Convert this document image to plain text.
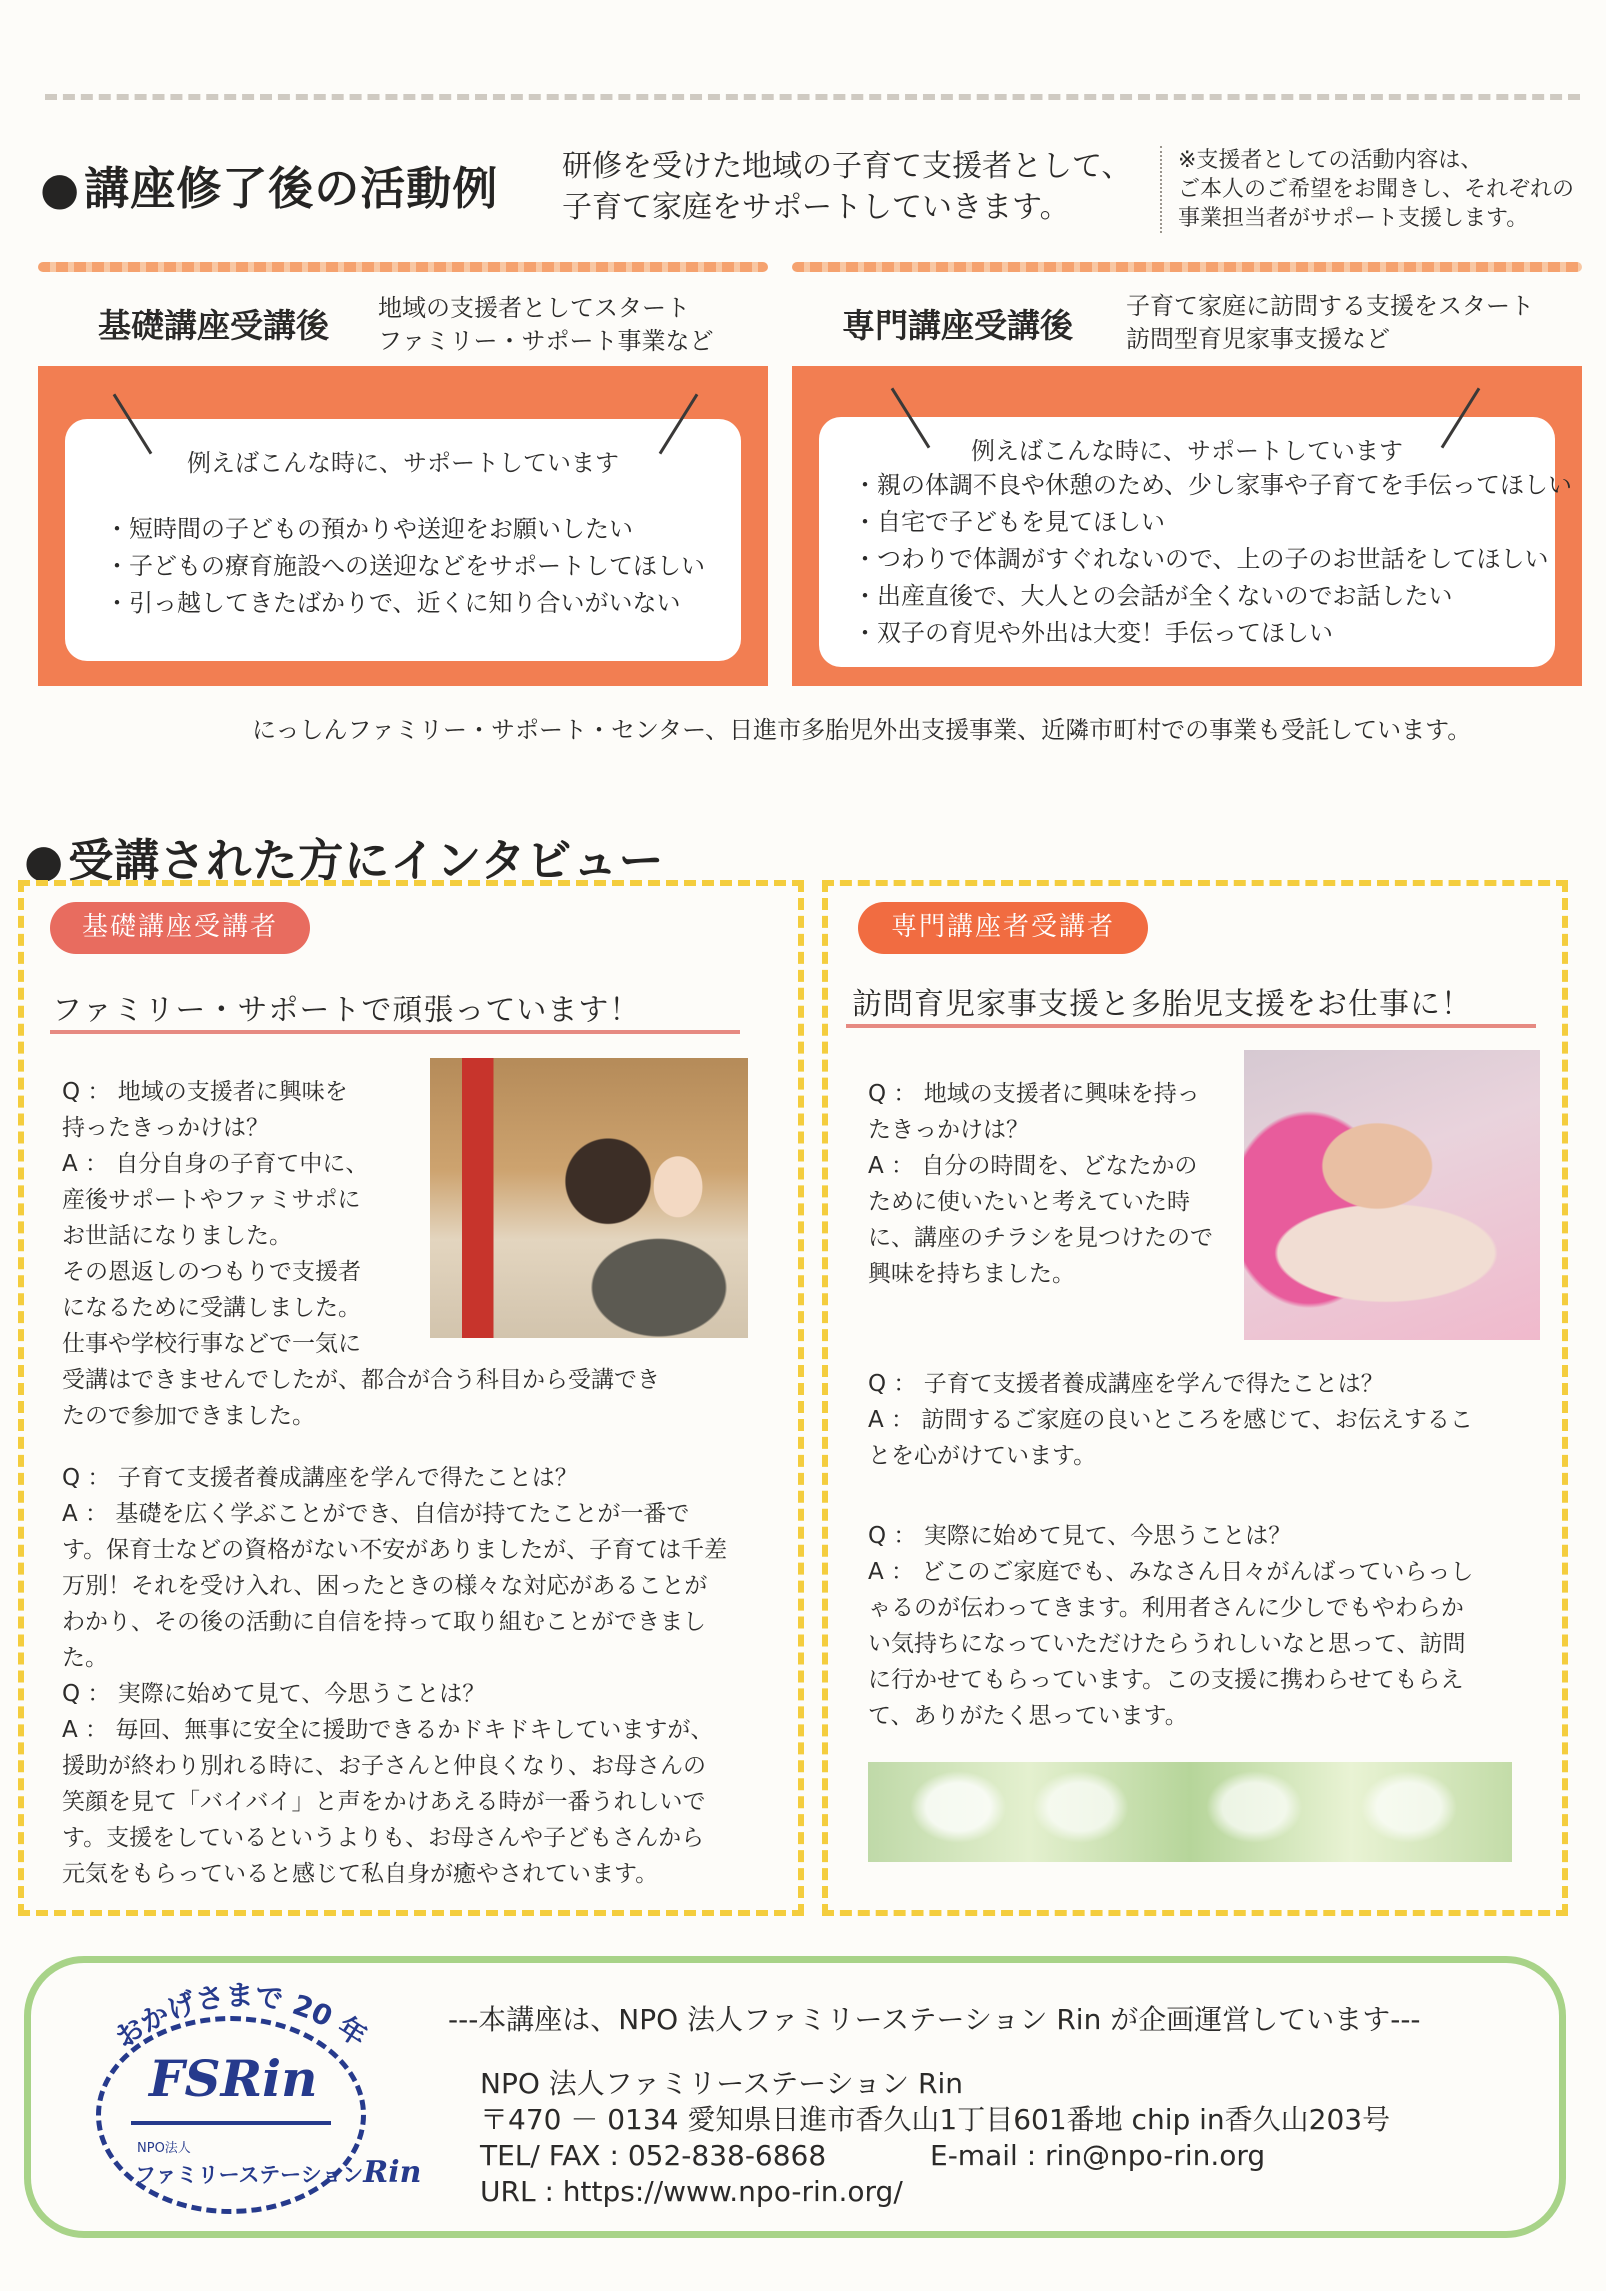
● 講座修了後の活動例 研修を受けた地域の子育て支援者として、
子育て家庭をサポートしていきます。
※支援者としての活動内容は、
ご本人のご希望をお聞きし、それぞれの
事業担当者がサポート支援します。
基礎講座受講後 地域の支援者としてスタート
ファミリー・サポート事業など	専門講座受講後 子育て家庭に訪問する支援をスタート
訪問型育児家事支援など
例えばこんな時に、サポートしています
・ 短時間の子どもの預かりや送迎をお願いしたい
・ 子どもの療育施設への送迎などをサポートしてほしい
・ 引っ越してきたばかりで、近くに知り合いがいない
例えばこんな時に、サポートしています
・ 親の体調不良や休憩のため、少し家事や子育てを手伝ってほしい
・ 自宅で子どもを見てほしい
・ つわりで体調がすぐれないので、上の子のお世話をしてほしい
・ 出産直後で、大人との会話が全くないのでお話したい
・ 双子の育児や外出は大変！手伝ってほしい
にっしんファミリー・サポート・センター、日進市多胎児外出支援事業、近隣市町村での事業も受託しています。
● 受講された方にインタビュー
基礎講座受講者
ファミリー・サポートで頑張っています！

Q ： 地域の支援者に興味を

持ったきっかけは？

A ： 自分自身の子育て中に、

産後サポートやファミサポに

お世話になりました。

その恩返しのつもりで支援者

になるために受講しました。

仕事や学校行事などで一気に

受講はできませんでしたが、都合が合う科目から受講でき

たので参加できました。

Q ： 子育て支援者養成講座を学んで得たことは？

A ： 基礎を広く学ぶことができ、自信が持てたことが一番で

す。保育士などの資格がない不安がありましたが、子育ては千差

万別！それを受け入れ、困ったときの様々な対応があることが

わかり、その後の活動に自信を持って取り組むことができまし

た。

Q ： 実際に始めて見て、今思うことは？

A ： 毎回、無事に安全に援助できるかドキドキしていますが、

援助が終わり別れる時に、お子さんと仲良くなり、お母さんの

笑顔を見て「バイバイ」と声をかけあえる時が一番うれしいで

す。支援をしているというよりも、お母さんや子どもさんから

元気をもらっていると感じて私自身が癒やされています。

専門講座者受講者
訪問育児家事支援と多胎児支援をお仕事に！

Q ： 地域の支援者に興味を持っ

たきっかけは？

A ： 自分の時間を、どなたかの

ために使いたいと考えていた時

に、講座のチラシを見つけたので

興味を持ちました。

Q ： 子育て支援者養成講座を学んで得たことは？

A ： 訪問するご家庭の良いところを感じて、お伝えするこ

とを心がけています。

Q ： 実際に始めて見て、今思うことは？

A ： どこのご家庭でも、みなさん日々がんばっていらっし

ゃるのが伝わってきます。利用者さんに少しでもやわらか

い気持ちになっていただけたらうれしいなと思って、訪問

に行かせてもらっています。この支援に携わらせてもらえ

て、ありがたく思っています。

おかげさまで 20 年
FSRin
NPO法人
ファミリーステーションRin
---本講座は、NPO 法人ファミリーステーション Rin が企画運営しています---
NPO 法人ファミリーステーション Rin
〒470 － 0134 愛知県日進市香久山1丁目601番地 chip in香久山203号
TEL/ FAX : 052-838-6868	E-mail : rin@npo-rin.org
URL : https://www.npo-rin.org/
